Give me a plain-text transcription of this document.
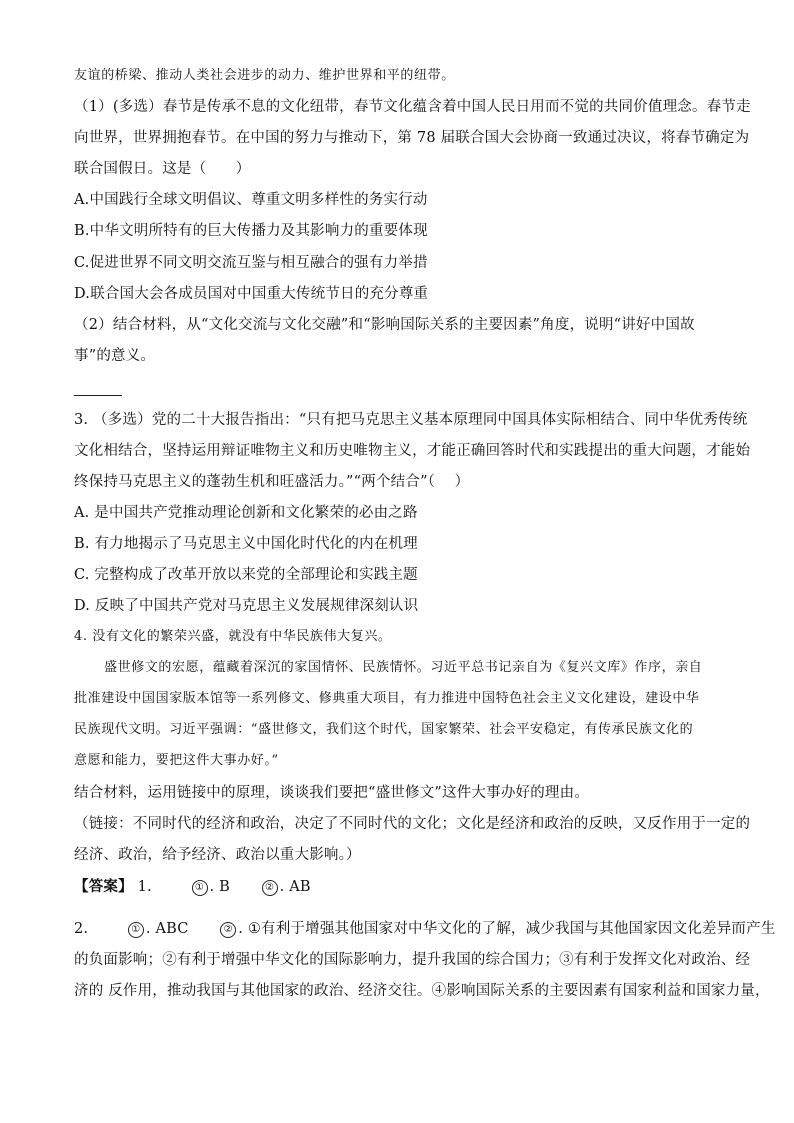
友谊的桥梁、推动人类社会进步的动力、维护世界和平的纽带。
（1）(多选）春节是传承不息的文化纽带，春节文化蕴含着中国人民日用而不觉的共同价值理念。春节走
向世界，世界拥抱春节。在中国的努力与推动下，第 78 届联合国大会协商一致通过决议，将春节确定为
联合国假日。这是（　　）
A.中国践行全球文明倡议、尊重文明多样性的务实行动
B.中华文明所特有的巨大传播力及其影响力的重要体现
C.促进世界不同文明交流互鉴与相互融合的强有力举措
D.联合国大会各成员国对中国重大传统节日的充分尊重
（2）结合材料，从“文化交流与文化交融”和“影响国际关系的主要因素”角度，说明“讲好中国故
事”的意义。
3. （多选）党的二十大报告指出：“只有把马克思主义基本原理同中国具体实际相结合、同中华优秀传统
文化相结合，坚持运用辩证唯物主义和历史唯物主义，才能正确回答时代和实践提出的重大问题，才能始
终保持马克思主义的蓬勃生机和旺盛活力。”“两个结合”（　 ）
A. 是中国共产党推动理论创新和文化繁荣的必由之路
B. 有力地揭示了马克思主义中国化时代化的内在机理
C. 完整构成了改革开放以来党的全部理论和实践主题
D. 反映了中国共产党对马克思主义发展规律深刻认识
4. 没有文化的繁荣兴盛，就没有中华民族伟大复兴。
盛世修文的宏愿，蕴藏着深沉的家国情怀、民族情怀。习近平总书记亲自为《复兴文库》作序，亲自
批准建设中国国家版本馆等一系列修文、修典重大项目，有力推进中国特色社会主义文化建设，建设中华
民族现代文明。习近平强调：“盛世修文，我们这个时代，国家繁荣、社会平安稳定，有传承民族文化的
意愿和能力，要把这件大事办好。”
结合材料，运用链接中的原理，谈谈我们要把“盛世修文”这件大事办好的理由。
（链接：不同时代的经济和政治，决定了不同时代的文化；文化是经济和政治的反映，又反作用于一定的
经济、政治，给予经济、政治以重大影响。）
【答案】 1.	① . B	② . AB
2.	① . ABC	② . ①有利于增强其他国家对中华文化的了解，减少我国与其他国家因文化差异而产生
的负面影响；②有利于增强中华文化的国际影响力，提升我国的综合国力；③有利于发挥文化对政治、经
济的 反作用，推动我国与其他国家的政治、经济交往。④影响国际关系的主要因素有国家利益和国家力量，
